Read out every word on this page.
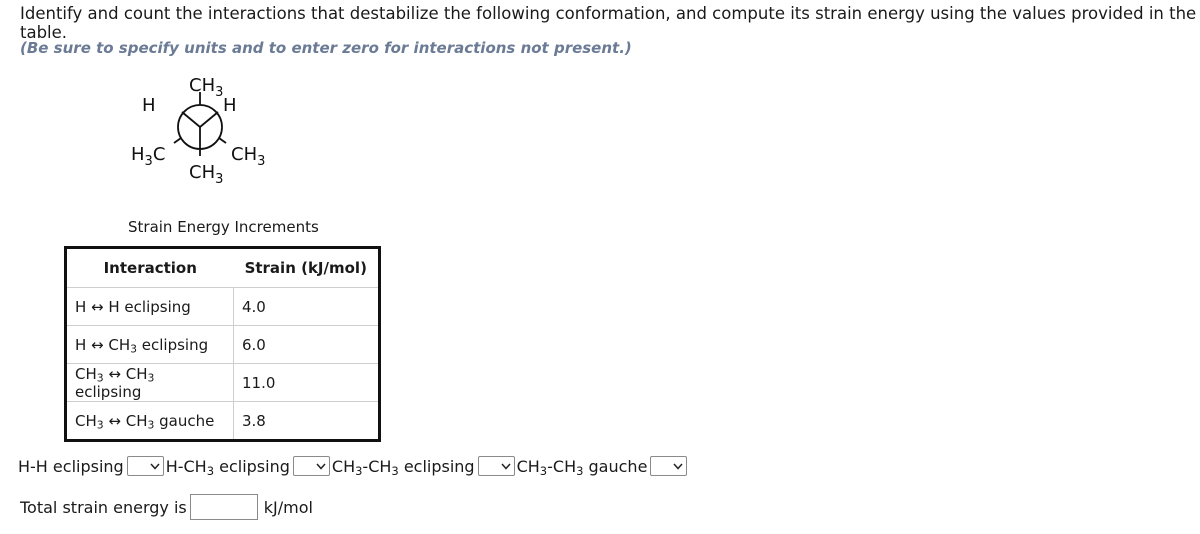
Identify and count the interactions that destabilize the following conformation, and compute its strain energy using the values provided in the table.
(Be sure to specify units and to enter zero for interactions not present.)
$CH_3$
H	H
$H_3C$	$CH_3$
$CH_3$
Strain Energy Increments
Interaction	Strain (kJ/mol)
H ↔ H eclipsing	4.0
H ↔ $CH_3$ eclipsing	6.0
$CH_3$ ↔ $CH_3$ eclipsing	11.0
$CH_3$ ↔ $CH_3$ gauche	3.8
H-H eclipsing	$H-CH_3$ eclipsing	$CH_3-CH_3$ eclipsing	$CH_3-CH_3$ gauche
Total strain energy is	kJ/mol
